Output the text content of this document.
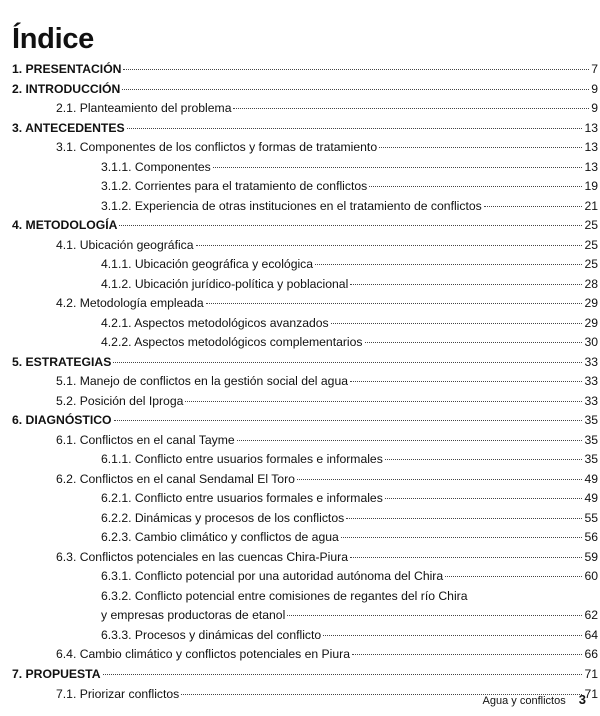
Índice
1. PRESENTACIÓN	7
2. INTRODUCCIÓN	9
2.1. Planteamiento del problema	9
3. ANTECEDENTES	13
3.1. Componentes de los conflictos y formas de tratamiento	13
3.1.1. Componentes	13
3.1.2. Corrientes para el tratamiento de conflictos	19
3.1.2. Experiencia de otras instituciones en el tratamiento de conflictos	21
4. METODOLOGÍA	25
4.1. Ubicación geográfica	25
4.1.1. Ubicación geográfica y ecológica	25
4.1.2. Ubicación jurídico-política y poblacional	28
4.2. Metodología empleada	29
4.2.1. Aspectos metodológicos avanzados	29
4.2.2. Aspectos metodológicos complementarios	30
5. ESTRATEGIAS	33
5.1. Manejo de conflictos en la gestión social del agua	33
5.2. Posición del Iproga	33
6. DIAGNÓSTICO	35
6.1. Conflictos en el canal Tayme	35
6.1.1. Conflicto entre usuarios formales e informales	35
6.2. Conflictos en el canal Sendamal El Toro	49
6.2.1. Conflicto entre usuarios formales e informales	49
6.2.2. Dinámicas y procesos de los conflictos	55
6.2.3. Cambio climático y conflictos de agua	56
6.3. Conflictos potenciales en las cuencas Chira-Piura	59
6.3.1. Conflicto potencial por una autoridad autónoma del Chira	60
6.3.2. Conflicto potencial entre comisiones de regantes del río Chira
y empresas productoras de etanol	62
6.3.3. Procesos y dinámicas del conflicto	64
6.4. Cambio climático y conflictos potenciales en Piura	66
7. PROPUESTA	71
7.1. Priorizar conflictos	71
Agua y conflictos 3
